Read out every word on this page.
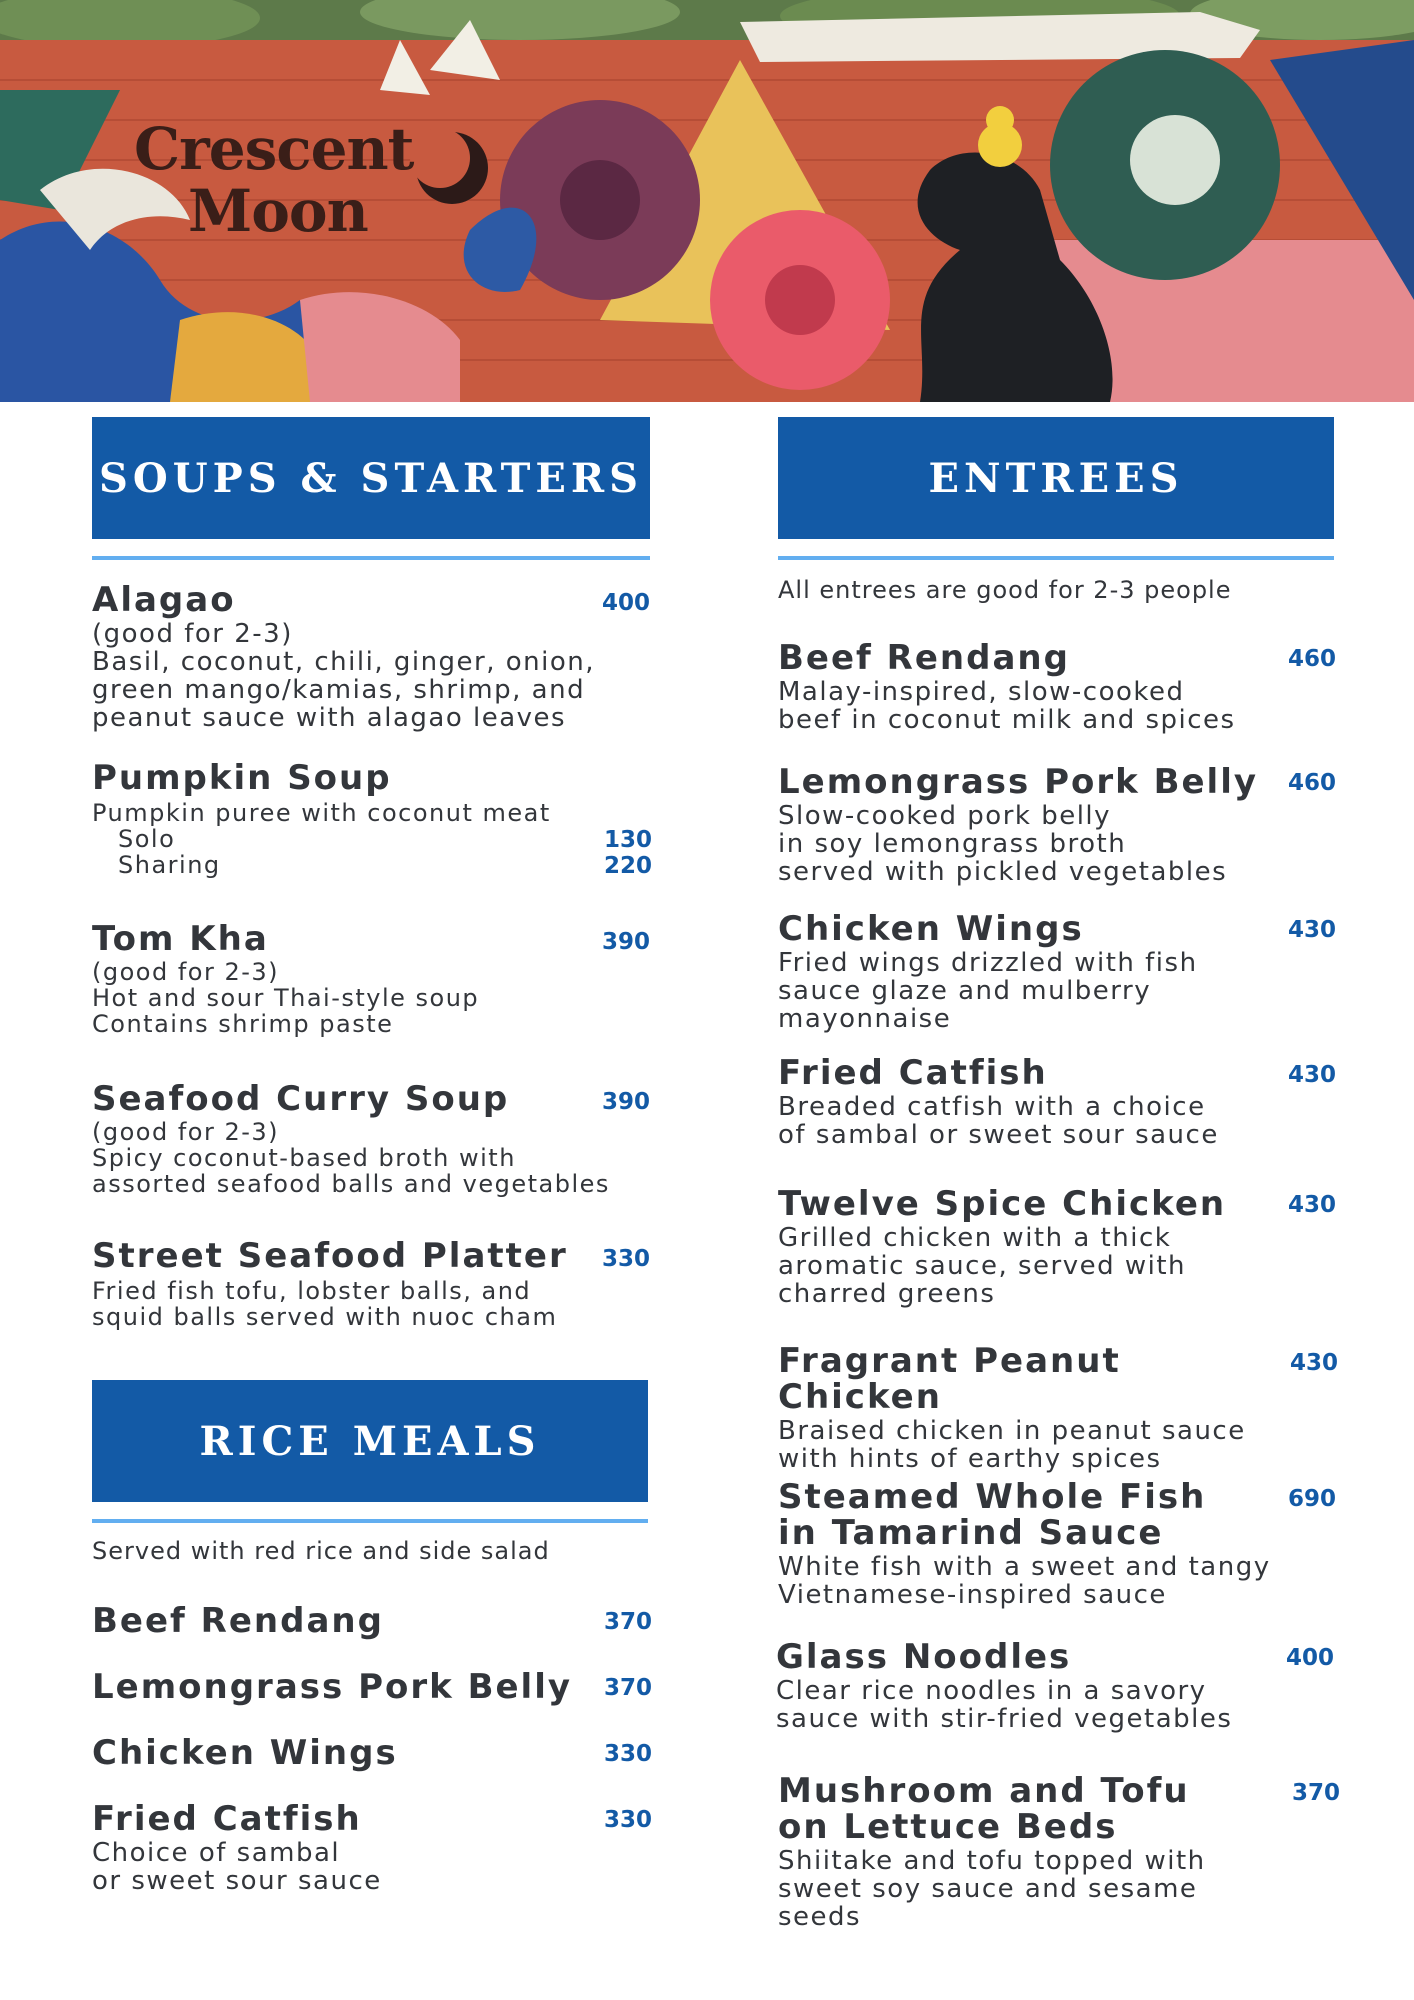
Crescent
Moon
SOUPS & STARTERS
Alagao
(good for 2-3)
Basil, coconut, chili, ginger, onion,
green mango/kamias, shrimp, and
peanut sauce with alagao leaves
400
Pumpkin Soup
Pumpkin puree with coconut meat
Solo	130
Sharing	220
Tom Kha
(good for 2-3)
Hot and sour Thai-style soup
Contains shrimp paste
390
Seafood Curry Soup
(good for 2-3)
Spicy coconut-based broth with
assorted seafood balls and vegetables
390
Street Seafood Platter
Fried fish tofu, lobster balls, and
squid balls served with nuoc cham
330
RICE MEALS
Served with red rice and side salad
Beef Rendang	370
Lemongrass Pork Belly	370
Chicken Wings	330
Fried Catfish
Choice of sambal
or sweet sour sauce
330
ENTREES
All entrees are good for 2-3 people
Beef Rendang
Malay-inspired, slow-cooked
beef in coconut milk and spices
460
Lemongrass Pork Belly
Slow-cooked pork belly
in soy lemongrass broth
served with pickled vegetables
460
Chicken Wings
Fried wings drizzled with fish
sauce glaze and mulberry
mayonnaise
430
Fried Catfish
Breaded catfish with a choice
of sambal or sweet sour sauce
430
Twelve Spice Chicken
Grilled chicken with a thick
aromatic sauce, served with
charred greens
430
Fragrant Peanut Chicken
Braised chicken in peanut sauce
with hints of earthy spices
430
Steamed Whole Fish
in Tamarind Sauce
White fish with a sweet and tangy
Vietnamese-inspired sauce
690
Glass Noodles
Clear rice noodles in a savory
sauce with stir-fried vegetables
400
Mushroom and Tofu
on Lettuce Beds
Shiitake and tofu topped with
sweet soy sauce and sesame
seeds
370
